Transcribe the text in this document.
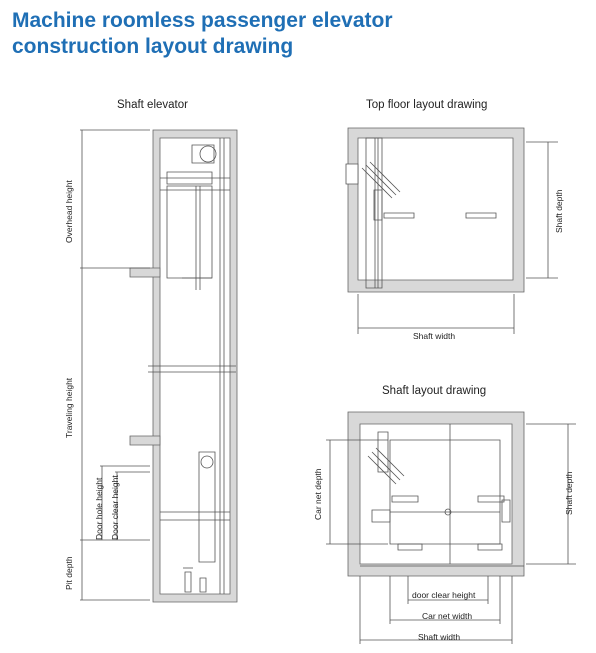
Machine roomless passenger elevator
construction layout drawing
Shaft elevator	Top floor layout drawing
Shaft layout drawing
Overhead height
Traveling height
Pit depth
Door hole height Door clear height
Shaft depth
Shaft width
Car net depth	Shaft depth
door clear height
Car net width
Shaft width
